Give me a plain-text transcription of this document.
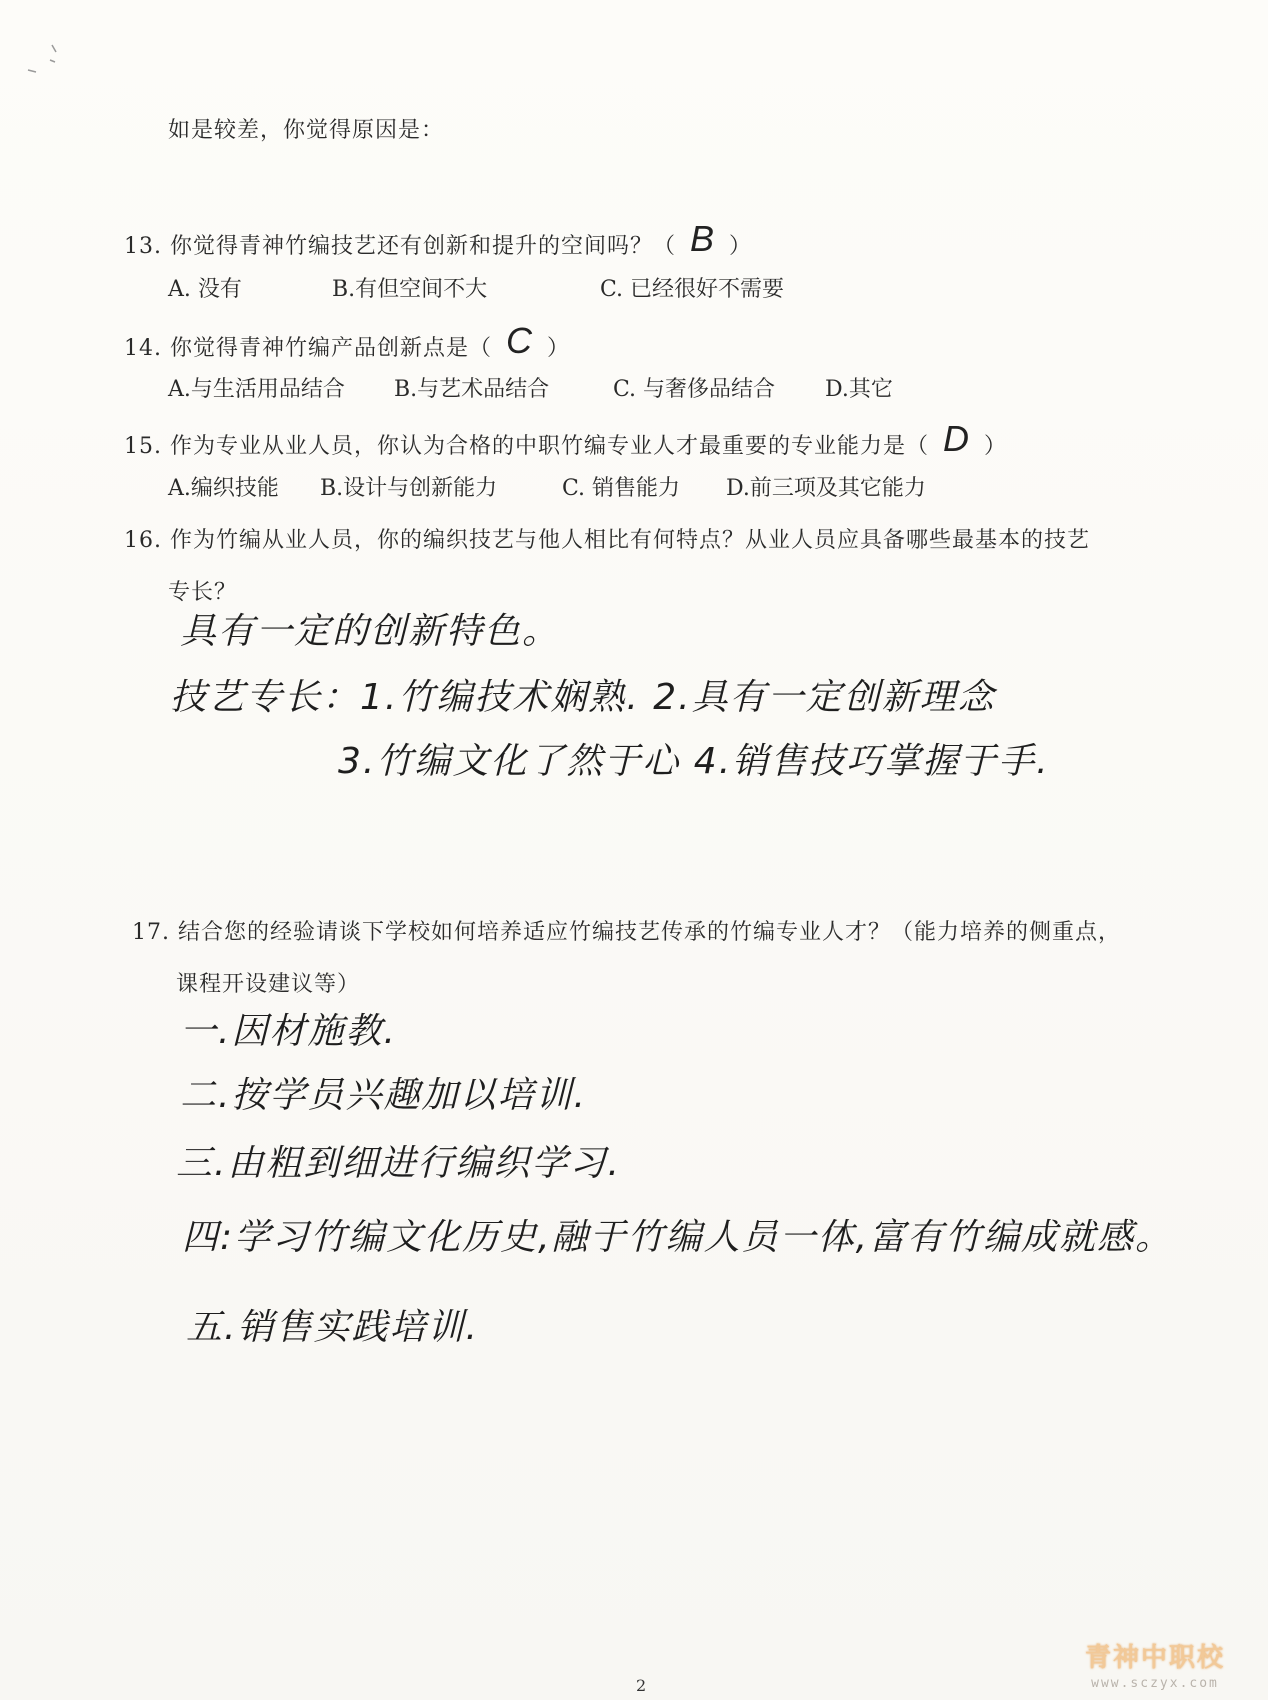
如是较差，你觉得原因是：
13. 你觉得青神竹编技艺还有创新和提升的空间吗？（ B ）
A. 没有	B.有但空间不大	C. 已经很好不需要
14. 你觉得青神竹编产品创新点是（ C ）
A.与生活用品结合 B.与艺术品结合	C. 与奢侈品结合 D.其它
15. 作为专业从业人员，你认为合格的中职竹编专业人才最重要的专业能力是（ D ）
A.编织技能 B.设计与创新能力	C. 销售能力 D.前三项及其它能力
16. 作为竹编从业人员，你的编织技艺与他人相比有何特点？从业人员应具备哪些最基本的技艺
专长？
具有一定的创新特色。
技艺专长：1.竹编技术娴熟. 2.具有一定创新理念
3.竹编文化了然于心 4.销售技巧掌握于手.
17. 结合您的经验请谈下学校如何培养适应竹编技艺传承的竹编专业人才？（能力培养的侧重点，
课程开设建议等）
一.因材施教.
二.按学员兴趣加以培训.
三.由粗到细进行编织学习.
四:学习竹编文化历史,融于竹编人员一体,富有竹编成就感。
五.销售实践培训.
2
青神中职校
www.sczyx.com
